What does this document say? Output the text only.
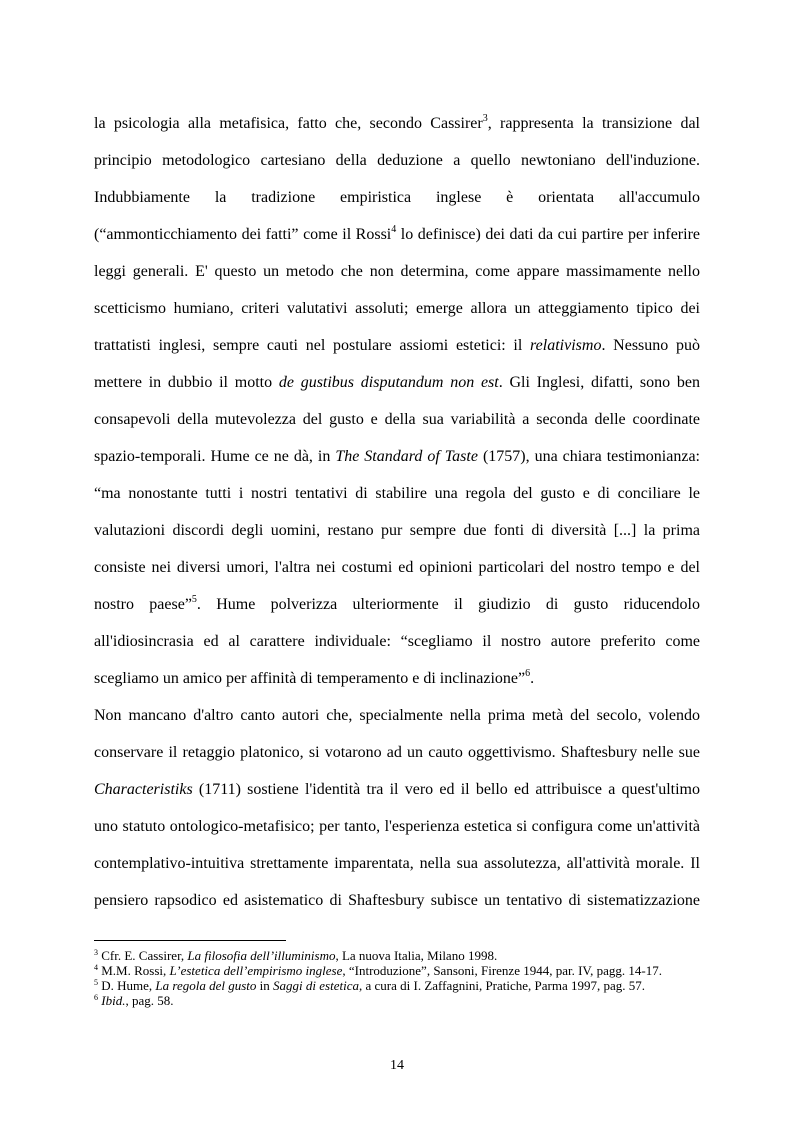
la psicologia alla metafisica, fatto che, secondo Cassirer$^3$, rappresenta la transizione dal
principio metodologico cartesiano della deduzione a quello newtoniano dell'induzione.
Indubbiamente la tradizione empiristica inglese è orientata all'accumulo
(“ammonticchiamento dei fatti” come il Rossi$^4$ lo definisce) dei dati da cui partire per inferire
leggi generali. E' questo un metodo che non determina, come appare massimamente nello
scetticismo humiano, criteri valutativi assoluti; emerge allora un atteggiamento tipico dei
trattatisti inglesi, sempre cauti nel postulare assiomi estetici: il relativismo. Nessuno può
mettere in dubbio il motto de gustibus disputandum non est. Gli Inglesi, difatti, sono ben
consapevoli della mutevolezza del gusto e della sua variabilità a seconda delle coordinate
spazio-temporali. Hume ce ne dà, in The Standard of Taste (1757), una chiara testimonianza:
“ma nonostante tutti i nostri tentativi di stabilire una regola del gusto e di conciliare le
valutazioni discordi degli uomini, restano pur sempre due fonti di diversità [...] la prima
consiste nei diversi umori, l'altra nei costumi ed opinioni particolari del nostro tempo e del
nostro paese”$^5$. Hume polverizza ulteriormente il giudizio di gusto riducendolo
all'idiosincrasia ed al carattere individuale: “scegliamo il nostro autore preferito come
scegliamo un amico per affinità di temperamento e di inclinazione”$^6$.
Non mancano d'altro canto autori che, specialmente nella prima metà del secolo, volendo
conservare il retaggio platonico, si votarono ad un cauto oggettivismo. Shaftesbury nelle sue
Characteristiks (1711) sostiene l'identità tra il vero ed il bello ed attribuisce a quest'ultimo
uno statuto ontologico-metafisico; per tanto, l'esperienza estetica si configura come un'attività
contemplativo-intuitiva strettamente imparentata, nella sua assolutezza, all'attività morale. Il
pensiero rapsodico ed asistematico di Shaftesbury subisce un tentativo di sistematizzazione
$^3$ Cfr. E. Cassirer, La filosofia dell’illuminismo, La nuova Italia, Milano 1998.
$^4$ M.M. Rossi, L’estetica dell’empirismo inglese, “Introduzione”, Sansoni, Firenze 1944, par. IV, pagg. 14-17.
$^5$ D. Hume, La regola del gusto in Saggi di estetica, a cura di I. Zaffagnini, Pratiche, Parma 1997, pag. 57.
$^6$ Ibid., pag. 58.
14
